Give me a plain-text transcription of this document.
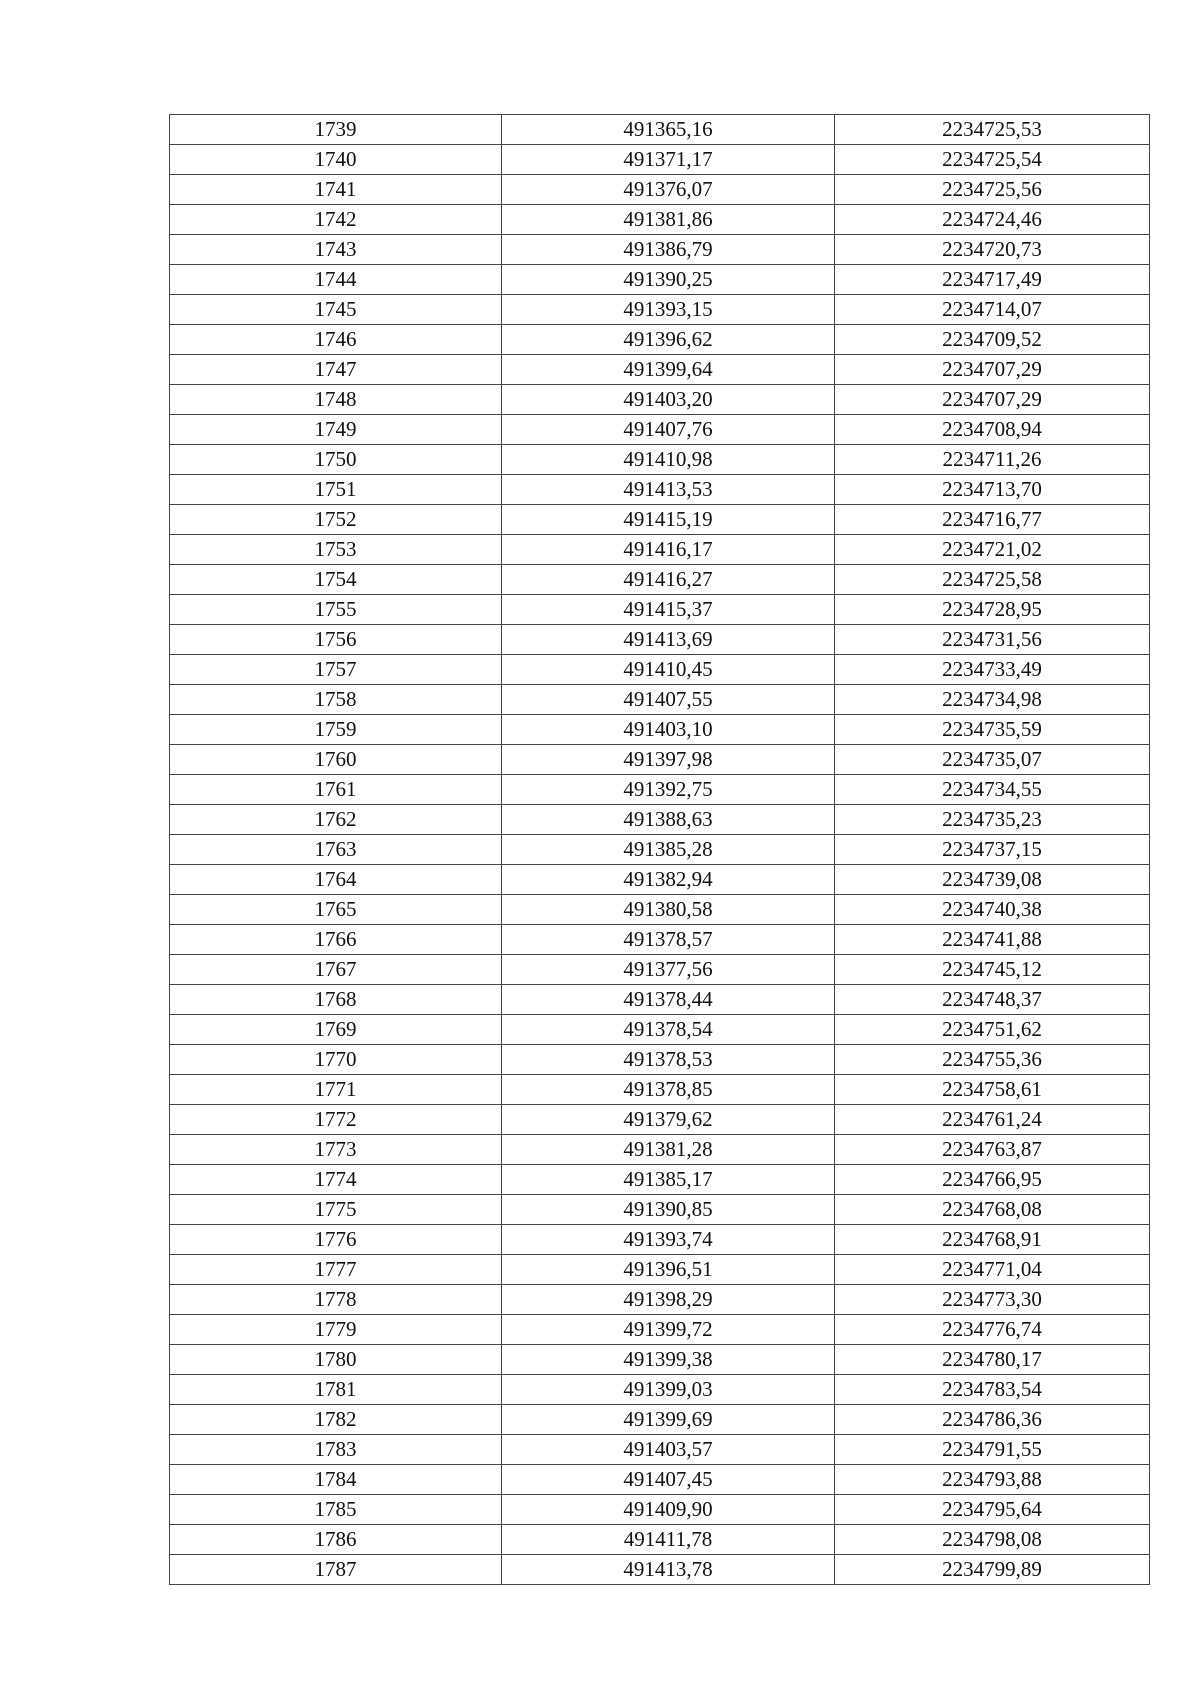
1739	491365,16	2234725,53
1740	491371,17	2234725,54
1741	491376,07	2234725,56
1742	491381,86	2234724,46
1743	491386,79	2234720,73
1744	491390,25	2234717,49
1745	491393,15	2234714,07
1746	491396,62	2234709,52
1747	491399,64	2234707,29
1748	491403,20	2234707,29
1749	491407,76	2234708,94
1750	491410,98	2234711,26
1751	491413,53	2234713,70
1752	491415,19	2234716,77
1753	491416,17	2234721,02
1754	491416,27	2234725,58
1755	491415,37	2234728,95
1756	491413,69	2234731,56
1757	491410,45	2234733,49
1758	491407,55	2234734,98
1759	491403,10	2234735,59
1760	491397,98	2234735,07
1761	491392,75	2234734,55
1762	491388,63	2234735,23
1763	491385,28	2234737,15
1764	491382,94	2234739,08
1765	491380,58	2234740,38
1766	491378,57	2234741,88
1767	491377,56	2234745,12
1768	491378,44	2234748,37
1769	491378,54	2234751,62
1770	491378,53	2234755,36
1771	491378,85	2234758,61
1772	491379,62	2234761,24
1773	491381,28	2234763,87
1774	491385,17	2234766,95
1775	491390,85	2234768,08
1776	491393,74	2234768,91
1777	491396,51	2234771,04
1778	491398,29	2234773,30
1779	491399,72	2234776,74
1780	491399,38	2234780,17
1781	491399,03	2234783,54
1782	491399,69	2234786,36
1783	491403,57	2234791,55
1784	491407,45	2234793,88
1785	491409,90	2234795,64
1786	491411,78	2234798,08
1787	491413,78	2234799,89
